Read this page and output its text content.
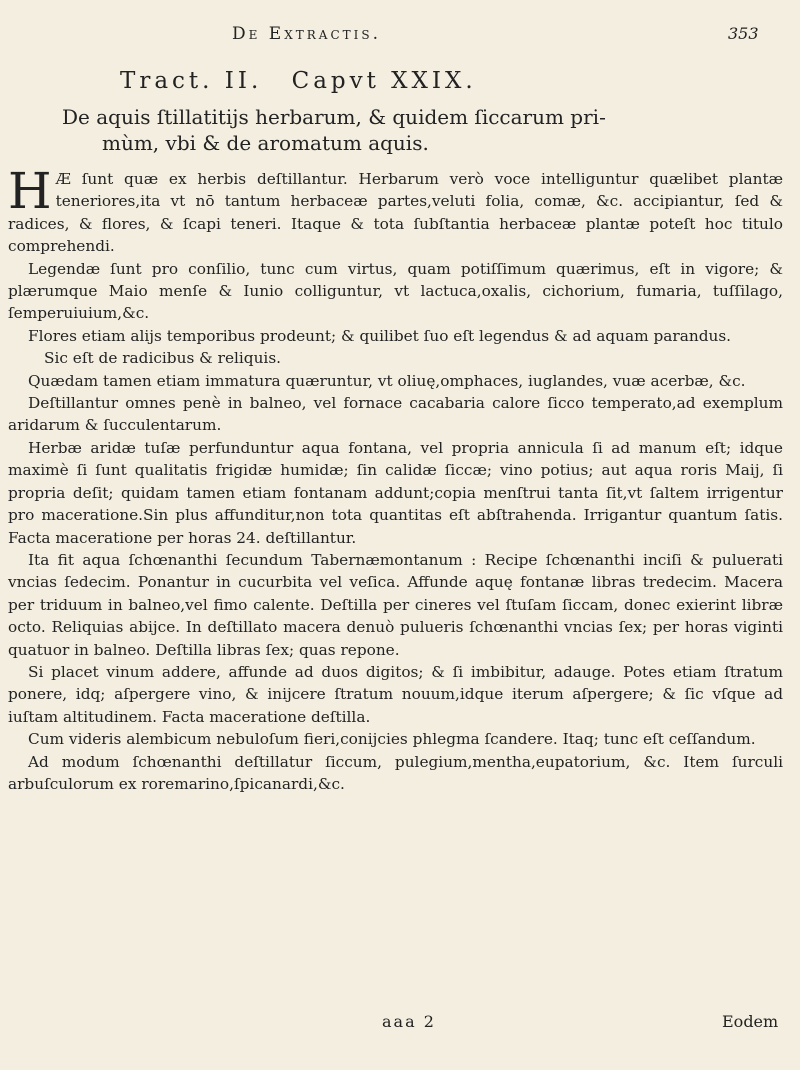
De Extractis.	353
Tract. II. Capvt XXIX.
De aquis ſtillatitijs herbarum, & quidem ſiccarum pri-
mùm, vbi & de aromatum aquis.

H Æ ſunt quæ ex herbis deſtillantur. Herbarum verò voce intelliguntur quælibet plantæ teneriores,ita vt nō tantum herbaceæ partes,veluti folia, comæ, &c. accipiantur, ſed & radices, & flores, & ſcapi teneri. Itaque & tota ſubſtantia herbaceæ plantæ poteſt hoc titulo comprehendi.

Legendæ ſunt pro conſilio, tunc cum virtus, quam potiſſimum quærimus, eſt in vigore; & plærumque Maio menſe & Iunio colliguntur, vt lactuca,oxalis, cichorium, fumaria, tuſſilago, ſemperuiuium,&c.

Flores etiam alijs temporibus prodeunt; & quilibet ſuo eſt legendus & ad aquam parandus.

Sic eſt de radicibus & reliquis.

Quædam tamen etiam immatura quæruntur, vt oliuę,omphaces, iuglandes, vuæ acerbæ, &c.

Deſtillantur omnes penè in balneo, vel fornace cacabaria calore ſicco temperato,ad exemplum aridarum & ſucculentarum.

Herbæ aridæ tuſæ perfunduntur aqua fontana, vel propria annicula ſi ad manum eſt; idque maximè ſi ſunt qualitatis frigidæ humidæ; ſin calidæ ſiccæ; vino potius; aut aqua roris Maij, ſi propria deſit; quidam tamen etiam fontanam addunt;copia menſtrui tanta ſit,vt ſaltem irrigentur pro maceratione.Sin plus affunditur,non tota quantitas eſt abſtrahenda. Irrigantur quantum ſatis. Facta maceratione per horas 24. deſtillantur.

Ita fit aqua ſchœnanthi ſecundum Tabernæmontanum : Recipe ſchœnanthi inciſi & puluerati vncias ſedecim. Ponantur in cucurbita vel veſica. Affunde aquę fontanæ libras tredecim. Macera per triduum in balneo,vel fimo calente. Deſtilla per cineres vel ſtuſam ſiccam, donec exierint libræ octo. Reliquias abijce. In deſtillato macera denuò pulueris ſchœnanthi vncias ſex; per horas viginti quatuor in balneo. Deſtilla libras ſex; quas repone.

Si placet vinum addere, affunde ad duos digitos; & ſi imbibitur, adauge. Potes etiam ſtratum ponere, idq; aſpergere vino, & inijcere ſtratum nouum,idque iterum aſpergere; & ſic vſque ad iuſtam altitudinem. Facta maceratione deſtilla.

Cum videris alembicum nebuloſum fieri,conijcies phlegma ſcandere. Itaq; tunc eſt ceſſandum.

Ad modum ſchœnanthi deſtillatur ſiccum, pulegium,mentha,eupatorium, &c. Item ſurculi arbuſculorum ex roremarino,ſpicanardi,&c.

aaa 2	Eodem
